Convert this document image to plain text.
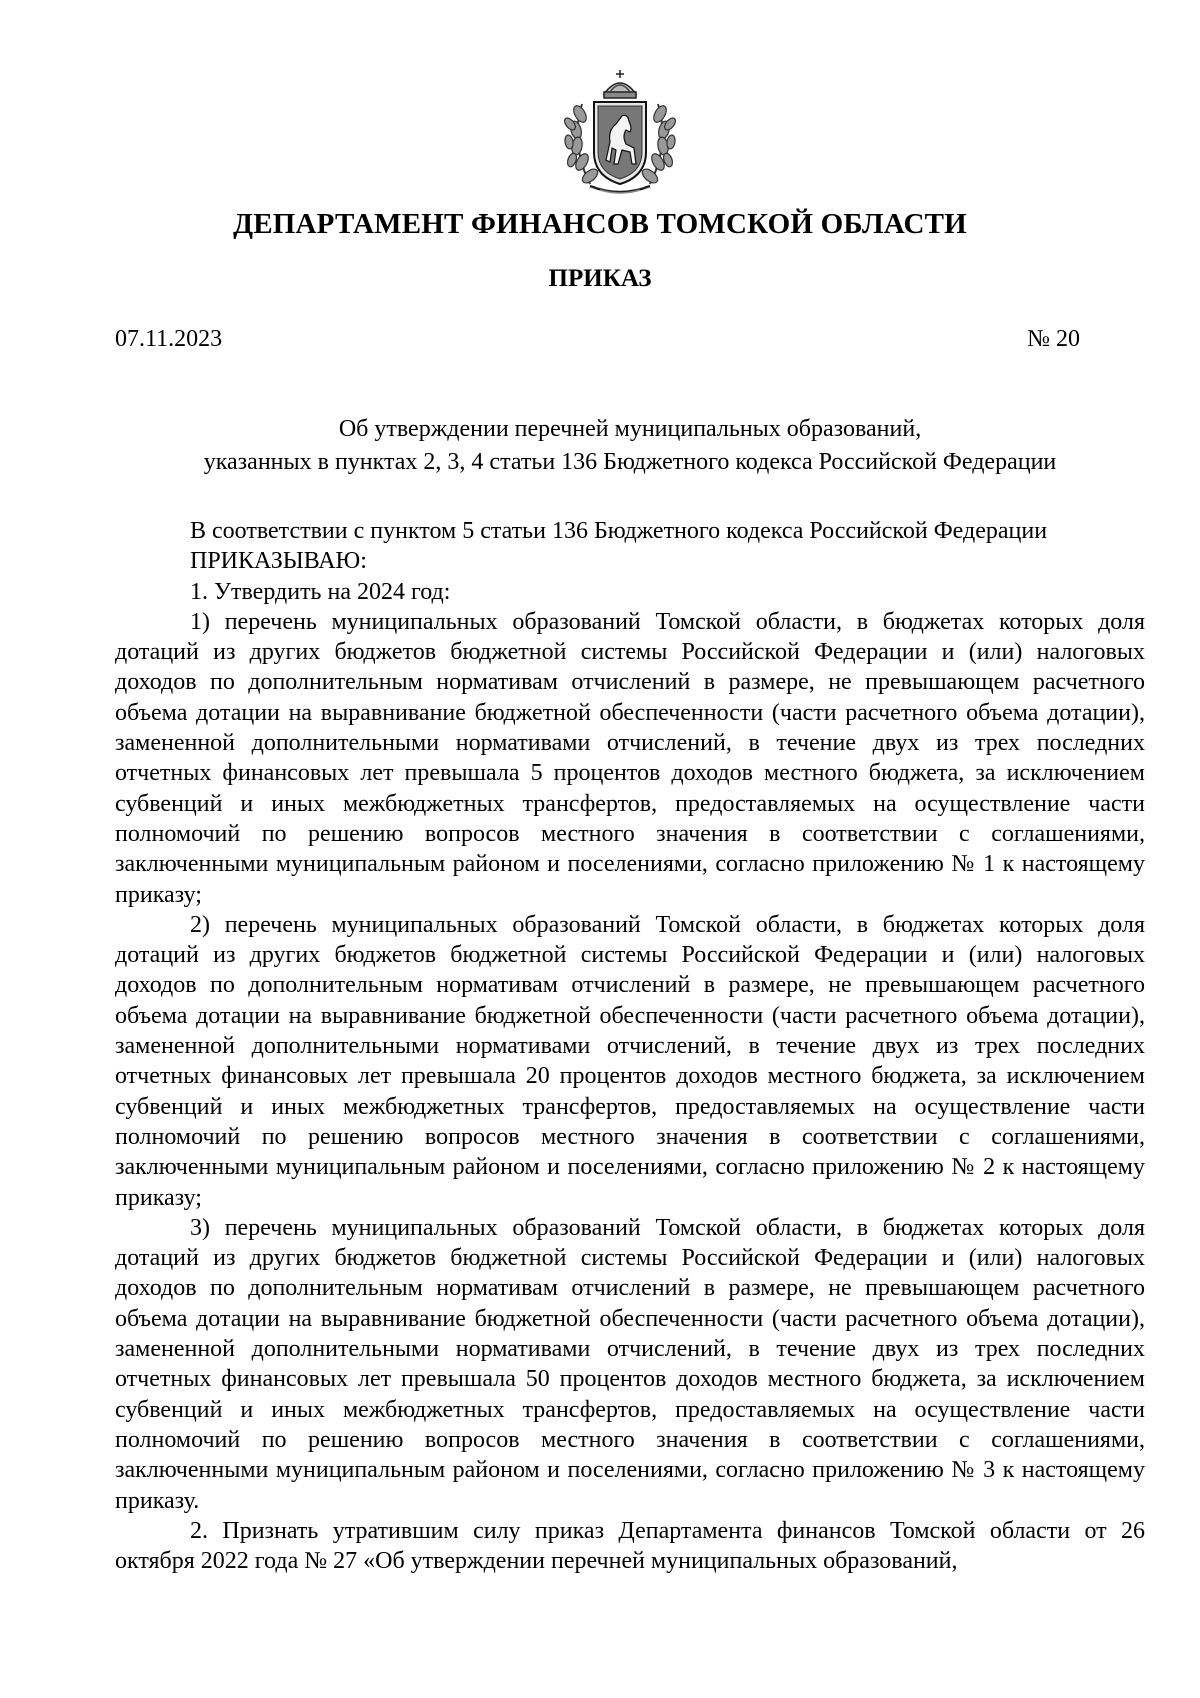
ДЕПАРТАМЕНТ ФИНАНСОВ ТОМСКОЙ ОБЛАСТИ
ПРИКАЗ
07.11.2023	№ 20
Об утверждении перечней муниципальных образований,
указанных в пунктах 2, 3, 4 статьи 136 Бюджетного кодекса Российской Федерации

В соответствии с пунктом 5 статьи 136 Бюджетного кодекса Российской Федерации

ПРИКАЗЫВАЮ:

1. Утвердить на 2024 год:

1) перечень муниципальных образований Томской области, в бюджетах которых доля дотаций из других бюджетов бюджетной системы Российской Федерации и (или) налоговых доходов по дополнительным нормативам отчислений в размере, не превышающем расчетного объема дотации на выравнивание бюджетной обеспеченности (части расчетного объема дотации), замененной дополнительными нормативами отчислений, в течение двух из трех последних отчетных финансовых лет превышала 5 процентов доходов местного бюджета, за исключением субвенций и иных межбюджетных трансфертов, предоставляемых на осуществление части полномочий по решению вопросов местного значения в соответствии с соглашениями, заключенными муниципальным районом и поселениями, согласно приложению № 1 к настоящему приказу;

2) перечень муниципальных образований Томской области, в бюджетах которых доля дотаций из других бюджетов бюджетной системы Российской Федерации и (или) налоговых доходов по дополнительным нормативам отчислений в размере, не превышающем расчетного объема дотации на выравнивание бюджетной обеспеченности (части расчетного объема дотации), замененной дополнительными нормативами отчислений, в течение двух из трех последних отчетных финансовых лет превышала 20 процентов доходов местного бюджета, за исключением субвенций и иных межбюджетных трансфертов, предоставляемых на осуществление части полномочий по решению вопросов местного значения в соответствии с соглашениями, заключенными муниципальным районом и поселениями, согласно приложению № 2 к настоящему приказу;

3) перечень муниципальных образований Томской области, в бюджетах которых доля дотаций из других бюджетов бюджетной системы Российской Федерации и (или) налоговых доходов по дополнительным нормативам отчислений в размере, не превышающем расчетного объема дотации на выравнивание бюджетной обеспеченности (части расчетного объема дотации), замененной дополнительными нормативами отчислений, в течение двух из трех последних отчетных финансовых лет превышала 50 процентов доходов местного бюджета, за исключением субвенций и иных межбюджетных трансфертов, предоставляемых на осуществление части полномочий по решению вопросов местного значения в соответствии с соглашениями, заключенными муниципальным районом и поселениями, согласно приложению № 3 к настоящему приказу.

2. Признать утратившим силу приказ Департамента финансов Томской области от 26 октября 2022 года № 27 «Об утверждении перечней муниципальных образований,
